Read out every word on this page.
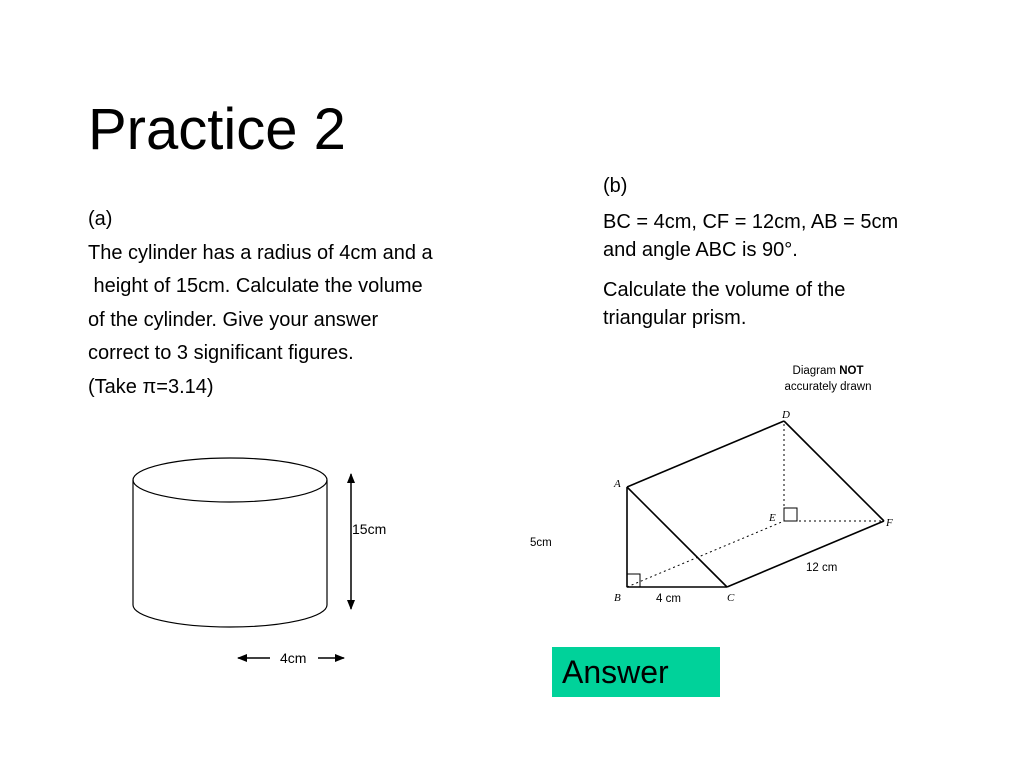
Practice 2
(a)
The cylinder has a radius of 4cm and a
height of 15cm. Calculate the volume
of the cylinder. Give your answer
correct to 3 significant figures.
(Take π=3.14)
(b)
BC = 4cm, CF = 12cm, AB = 5cm and angle ABC is 90°.
Calculate the volume of the triangular prism.
15cm
4cm
Diagram NOT
accurately drawn
A
B	C
D
E	F
5cm
4 cm
12 cm
Answer
